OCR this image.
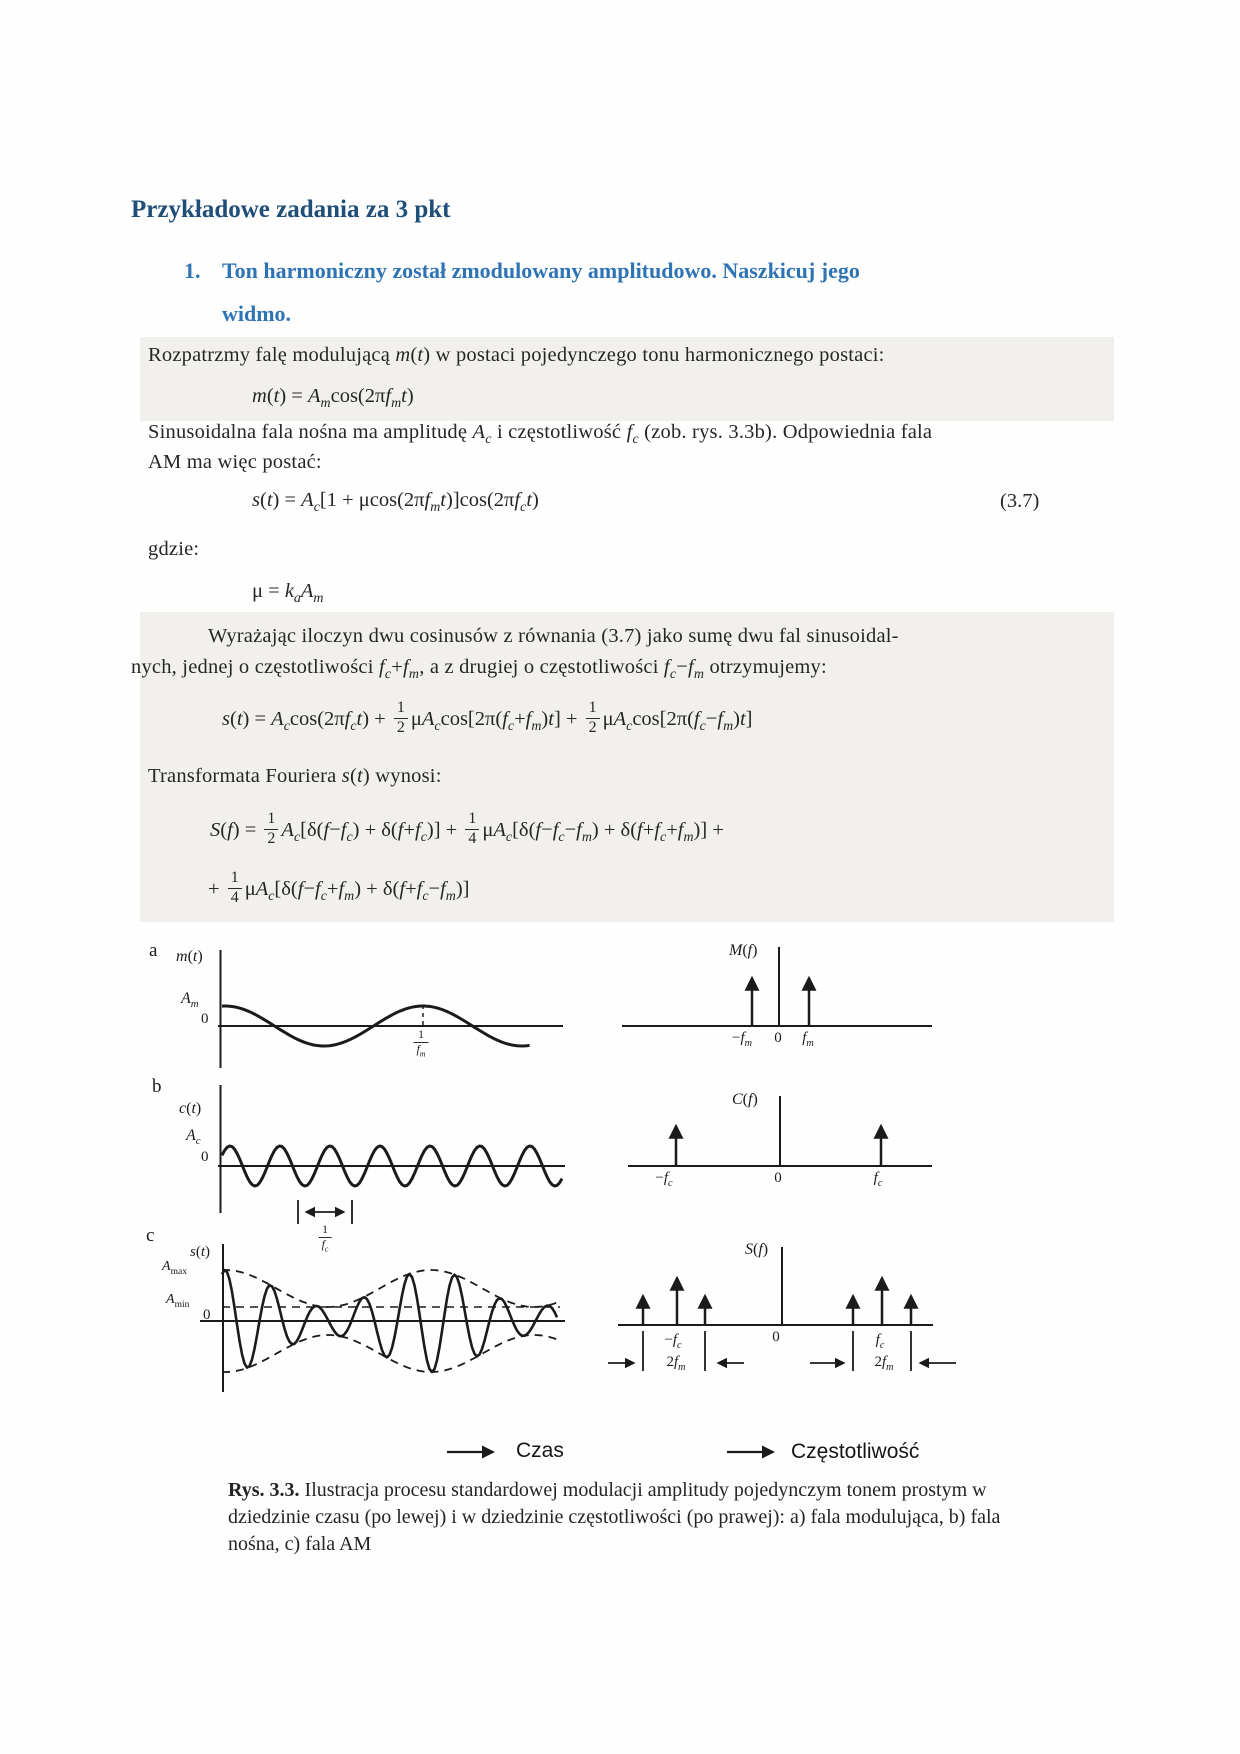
Przykładowe zadania za 3 pkt
1. Ton harmoniczny został zmodulowany amplitudowo. Naszkicuj jego
widmo.
Rozpatrzmy falę modulującą m(t) w postaci pojedynczego tonu harmonicznego postaci:
$m(t) = A_m\cos(2\pi f_mt)$
Sinusoidalna fala nośna ma amplitudę $A_c$ i częstotliwość $f_c$ (zob. rys. 3.3b). Odpowiednia fala
AM ma więc postać:
$s(t) = A_c[1 + \mu\cos(2\pi f_mt)]\cos(2\pi f_ct)$	(3.7)
gdzie:
$\mu = k_aA_m$
Wyrażając iloczyn dwu cosinusów z równania (3.7) jako sumę dwu fal sinusoidal-
nych, jednej o częstotliwości $f_c+f_m$, a z drugiej o częstotliwości $f_c-f_m$ otrzymujemy:
$s(t) = A_c\cos(2\pi f_ct) + \frac{1}{2} \mu A_c\cos[2\pi(f_c+f_m)t] + \frac{1}{2} \mu A_c\cos[2\pi(f_c-f_m)t]$
Transformata Fouriera s(t) wynosi:
$S(f) = \frac{1}{2} A_c[\delta(f-f_c) + \delta(f+f_c)] + \frac{1}{4} \mu A_c[\delta(f-f_c-f_m) + \delta(f+f_c+f_m)]$ +
+ $\frac{1}{4} \mu A_c[\delta(f-f_c+f_m) + \delta(f+f_c-f_m)]$
a
b
c
m(t)
$A_m$
0
$\frac{1}{f_m}$
M(f)
$-f_m$ 0 $f_m$
c(t)
$A_c$
0
$\frac{1}{f_c}$
C(f)
$-f_c$	0	$f_c$
s(t)
$A_{max}$
$A_{min}$
0
S(f)
0
$-f_c$
$2f_m$
$f_c$
$2f_m$
Czas	Częstotliwość
Rys. 3.3. Ilustracja procesu standardowej modulacji amplitudy pojedynczym tonem prostym w dziedzinie czasu (po lewej) i w dziedzinie częstotliwości (po prawej): a) fala modulująca, b) fala nośna, c) fala AM
